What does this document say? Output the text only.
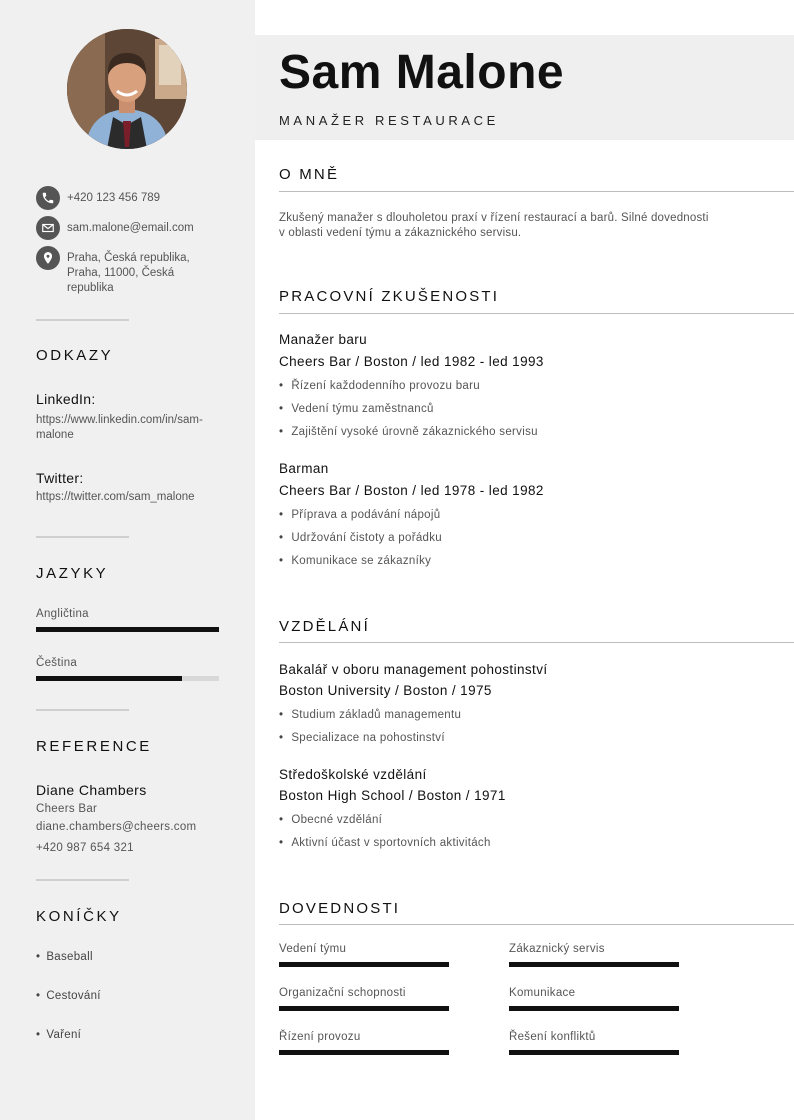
+420 123 456 789
sam.malone@email.com
Praha, Česká republika,
Praha, 11000, Česká
republika
ODKAZY
LinkedIn:
https://www.linkedin.com/in/sam-
malone
Twitter:
https://twitter.com/sam_malone
JAZYKY
Angličtina
Čeština
REFERENCE
Diane Chambers
Cheers Bar
diane.chambers@cheers.com
+420 987 654 321
KONÍČKY
• Baseball
• Cestování
• Vaření
Sam Malone
MANAŽER RESTAURACE
O MNĚ
Zkušený manažer s dlouholetou praxí v řízení restaurací a barů. Silné dovednosti
v oblasti vedení týmu a zákaznického servisu.
PRACOVNÍ ZKUŠENOSTI
Manažer baru
Cheers Bar / Boston / led 1982 - led 1993
• Řízení každodenního provozu baru
• Vedení týmu zaměstnanců
• Zajištění vysoké úrovně zákaznického servisu
Barman
Cheers Bar / Boston / led 1978 - led 1982
• Příprava a podávání nápojů
• Udržování čistoty a pořádku
• Komunikace se zákazníky
VZDĚLÁNÍ
Bakalář v oboru management pohostinství
Boston University / Boston / 1975
• Studium základů managementu
• Specializace na pohostinství
Středoškolské vzdělání
Boston High School / Boston / 1971
• Obecné vzdělání
• Aktivní účast v sportovních aktivitách
DOVEDNOSTI
Vedení týmu	Zákaznický servis
Organizační schopnosti	Komunikace
Řízení provozu	Řešení konfliktů
